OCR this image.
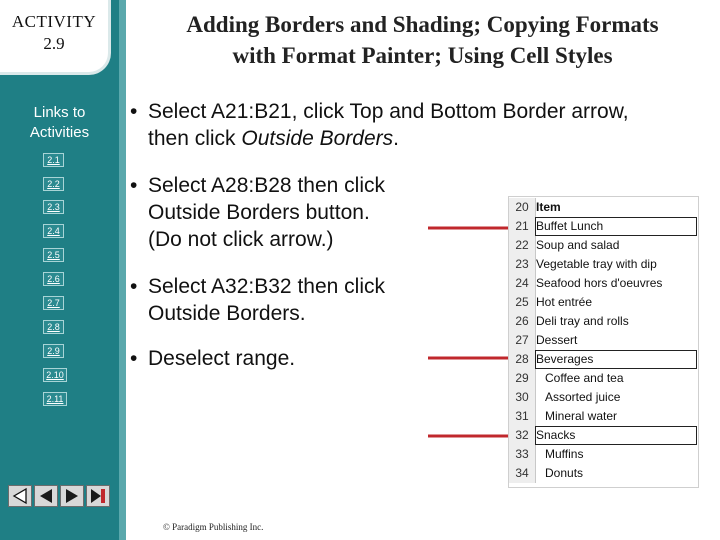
ACTIVITY
2.9
Links to
Activities
2.1
2.2
2.3
2.4
2.5
2.6
2.7
2.8
2.9
2.10
2.11
Adding Borders and Shading; Copying Formats
with Format Painter; Using Cell Styles
• Select A21:B21, click Top and Bottom Border arrow,
then click Outside Borders.
• Select A28:B28 then click
Outside Borders button.
(Do not click arrow.)
• Select A32:B32 then click
Outside Borders.
• Deselect range.
20 Item
21 Buffet Lunch
22 Soup and salad
23 Vegetable tray with dip
24 Seafood hors d'oeuvres
25 Hot entrée
26 Deli tray and rolls
27 Dessert
28 Beverages
29	Coffee and tea
30	Assorted juice
31	Mineral water
32 Snacks
33	Muffins
34	Donuts
© Paradigm Publishing Inc.
